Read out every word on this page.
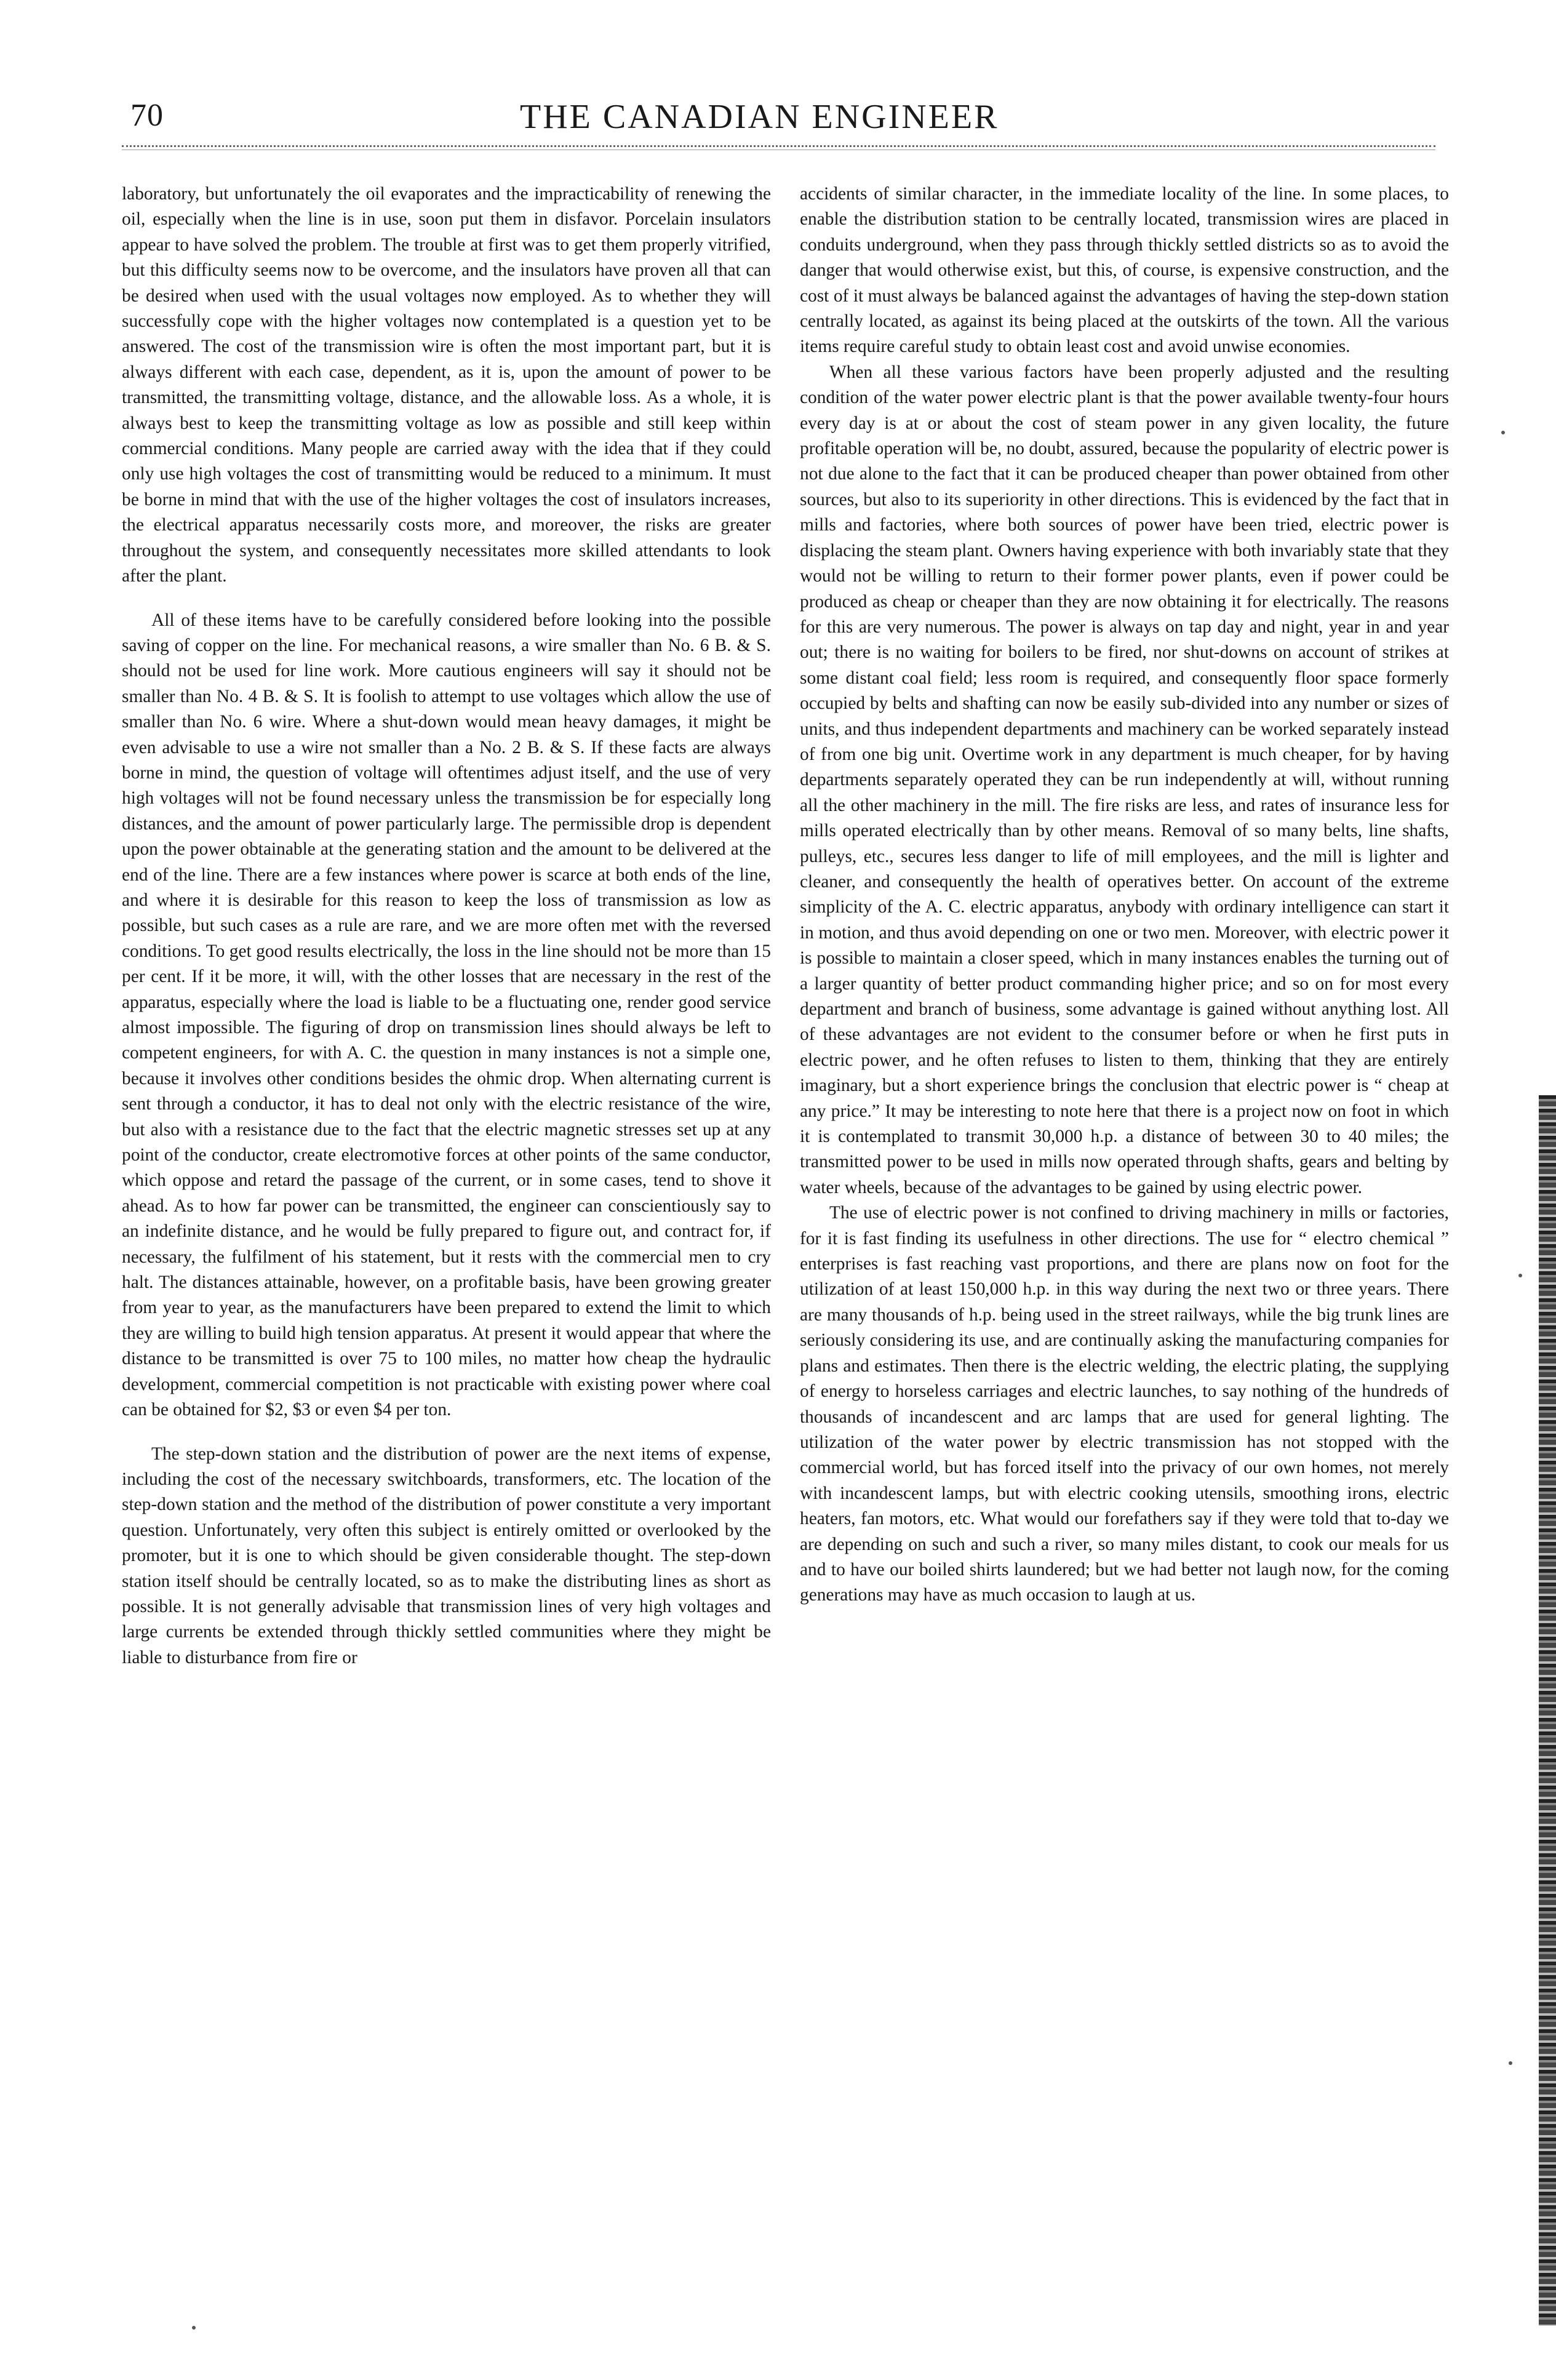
70	THE CANADIAN ENGINEER

laboratory, but unfortunately the oil evaporates and the impracticability of renewing the oil, especially when the line is in use, soon put them in disfavor. Porcelain insulators appear to have solved the problem. The trouble at first was to get them properly vitrified, but this difficulty seems now to be overcome, and the insulators have proven all that can be desired when used with the usual voltages now employed. As to whether they will successfully cope with the higher voltages now contemplated is a question yet to be answered. The cost of the transmission wire is often the most important part, but it is always different with each case, dependent, as it is, upon the amount of power to be transmitted, the transmitting voltage, distance, and the allowable loss. As a whole, it is always best to keep the transmitting voltage as low as possible and still keep within commercial conditions. Many people are carried away with the idea that if they could only use high voltages the cost of transmitting would be reduced to a minimum. It must be borne in mind that with the use of the higher voltages the cost of insulators increases, the electrical apparatus necessarily costs more, and moreover, the risks are greater throughout the system, and consequently necessitates more skilled attendants to look after the plant.

All of these items have to be carefully considered before looking into the possible saving of copper on the line. For mechanical reasons, a wire smaller than No. 6 B. & S. should not be used for line work. More cautious engineers will say it should not be smaller than No. 4 B. & S. It is foolish to attempt to use voltages which allow the use of smaller than No. 6 wire. Where a shut-down would mean heavy damages, it might be even advisable to use a wire not smaller than a No. 2 B. & S. If these facts are always borne in mind, the question of voltage will oftentimes adjust itself, and the use of very high voltages will not be found necessary unless the transmission be for especially long distances, and the amount of power particularly large. The permissible drop is dependent upon the power obtainable at the generating station and the amount to be delivered at the end of the line. There are a few instances where power is scarce at both ends of the line, and where it is desirable for this reason to keep the loss of transmission as low as possible, but such cases as a rule are rare, and we are more often met with the reversed conditions. To get good results electrically, the loss in the line should not be more than 15 per cent. If it be more, it will, with the other losses that are necessary in the rest of the apparatus, especially where the load is liable to be a fluctuating one, render good service almost impossible. The figuring of drop on transmission lines should always be left to competent engineers, for with A. C. the question in many instances is not a simple one, because it involves other conditions besides the ohmic drop. When alternating current is sent through a conductor, it has to deal not only with the electric resistance of the wire, but also with a resistance due to the fact that the electric magnetic stresses set up at any point of the conductor, create electromotive forces at other points of the same conductor, which oppose and retard the passage of the current, or in some cases, tend to shove it ahead. As to how far power can be transmitted, the engineer can conscientiously say to an indefinite distance, and he would be fully prepared to figure out, and contract for, if necessary, the fulfilment of his statement, but it rests with the commercial men to cry halt. The distances attainable, however, on a profitable basis, have been growing greater from year to year, as the manufacturers have been prepared to extend the limit to which they are willing to build high tension apparatus. At present it would appear that where the distance to be transmitted is over 75 to 100 miles, no matter how cheap the hydraulic development, commercial competition is not practicable with existing power where coal can be obtained for $2, $3 or even $4 per ton.

The step-down station and the distribution of power are the next items of expense, including the cost of the necessary switchboards, transformers, etc. The location of the step-down station and the method of the distribution of power constitute a very important question. Unfortunately, very often this subject is entirely omitted or overlooked by the promoter, but it is one to which should be given considerable thought. The step-down station itself should be centrally located, so as to make the distributing lines as short as possible. It is not generally advisable that transmission lines of very high voltages and large currents be extended through thickly settled communities where they might be liable to disturbance from fire or

accidents of similar character, in the immediate locality of the line. In some places, to enable the distribution station to be centrally located, transmission wires are placed in conduits underground, when they pass through thickly settled districts so as to avoid the danger that would otherwise exist, but this, of course, is expensive construction, and the cost of it must always be balanced against the advantages of having the step-down station centrally located, as against its being placed at the outskirts of the town. All the various items require careful study to obtain least cost and avoid unwise economies.

When all these various factors have been properly adjusted and the resulting condition of the water power electric plant is that the power available twenty-four hours every day is at or about the cost of steam power in any given locality, the future profitable operation will be, no doubt, assured, because the popularity of electric power is not due alone to the fact that it can be produced cheaper than power obtained from other sources, but also to its superiority in other directions. This is evidenced by the fact that in mills and factories, where both sources of power have been tried, electric power is displacing the steam plant. Owners having experience with both invariably state that they would not be willing to return to their former power plants, even if power could be produced as cheap or cheaper than they are now obtaining it for electrically. The reasons for this are very numerous. The power is always on tap day and night, year in and year out; there is no waiting for boilers to be fired, nor shut-downs on account of strikes at some distant coal field; less room is required, and consequently floor space formerly occupied by belts and shafting can now be easily sub-divided into any number or sizes of units, and thus independent departments and machinery can be worked separately instead of from one big unit. Overtime work in any department is much cheaper, for by having departments separately operated they can be run independently at will, without running all the other machinery in the mill. The fire risks are less, and rates of insurance less for mills operated electrically than by other means. Removal of so many belts, line shafts, pulleys, etc., secures less danger to life of mill employees, and the mill is lighter and cleaner, and consequently the health of operatives better. On account of the extreme simplicity of the A. C. electric apparatus, anybody with ordinary intelligence can start it in motion, and thus avoid depending on one or two men. Moreover, with electric power it is possible to maintain a closer speed, which in many instances enables the turning out of a larger quantity of better product commanding higher price; and so on for most every department and branch of business, some advantage is gained without anything lost. All of these advantages are not evident to the consumer before or when he first puts in electric power, and he often refuses to listen to them, thinking that they are entirely imaginary, but a short experience brings the conclusion that electric power is “ cheap at any price.” It may be interesting to note here that there is a project now on foot in which it is contemplated to transmit 30,000 h.p. a distance of between 30 to 40 miles; the transmitted power to be used in mills now operated through shafts, gears and belting by water wheels, because of the advantages to be gained by using electric power.

The use of electric power is not confined to driving machinery in mills or factories, for it is fast finding its usefulness in other directions. The use for “ electro chemical ” enterprises is fast reaching vast proportions, and there are plans now on foot for the utilization of at least 150,000 h.p. in this way during the next two or three years. There are many thousands of h.p. being used in the street railways, while the big trunk lines are seriously considering its use, and are continually asking the manufacturing companies for plans and estimates. Then there is the electric welding, the electric plating, the supplying of energy to horseless carriages and electric launches, to say nothing of the hundreds of thousands of incandescent and arc lamps that are used for general lighting. The utilization of the water power by electric transmission has not stopped with the commercial world, but has forced itself into the privacy of our own homes, not merely with incandescent lamps, but with electric cooking utensils, smoothing irons, electric heaters, fan motors, etc. What would our forefathers say if they were told that to-day we are depending on such and such a river, so many miles distant, to cook our meals for us and to have our boiled shirts laundered; but we had better not laugh now, for the coming generations may have as much occasion to laugh at us.
